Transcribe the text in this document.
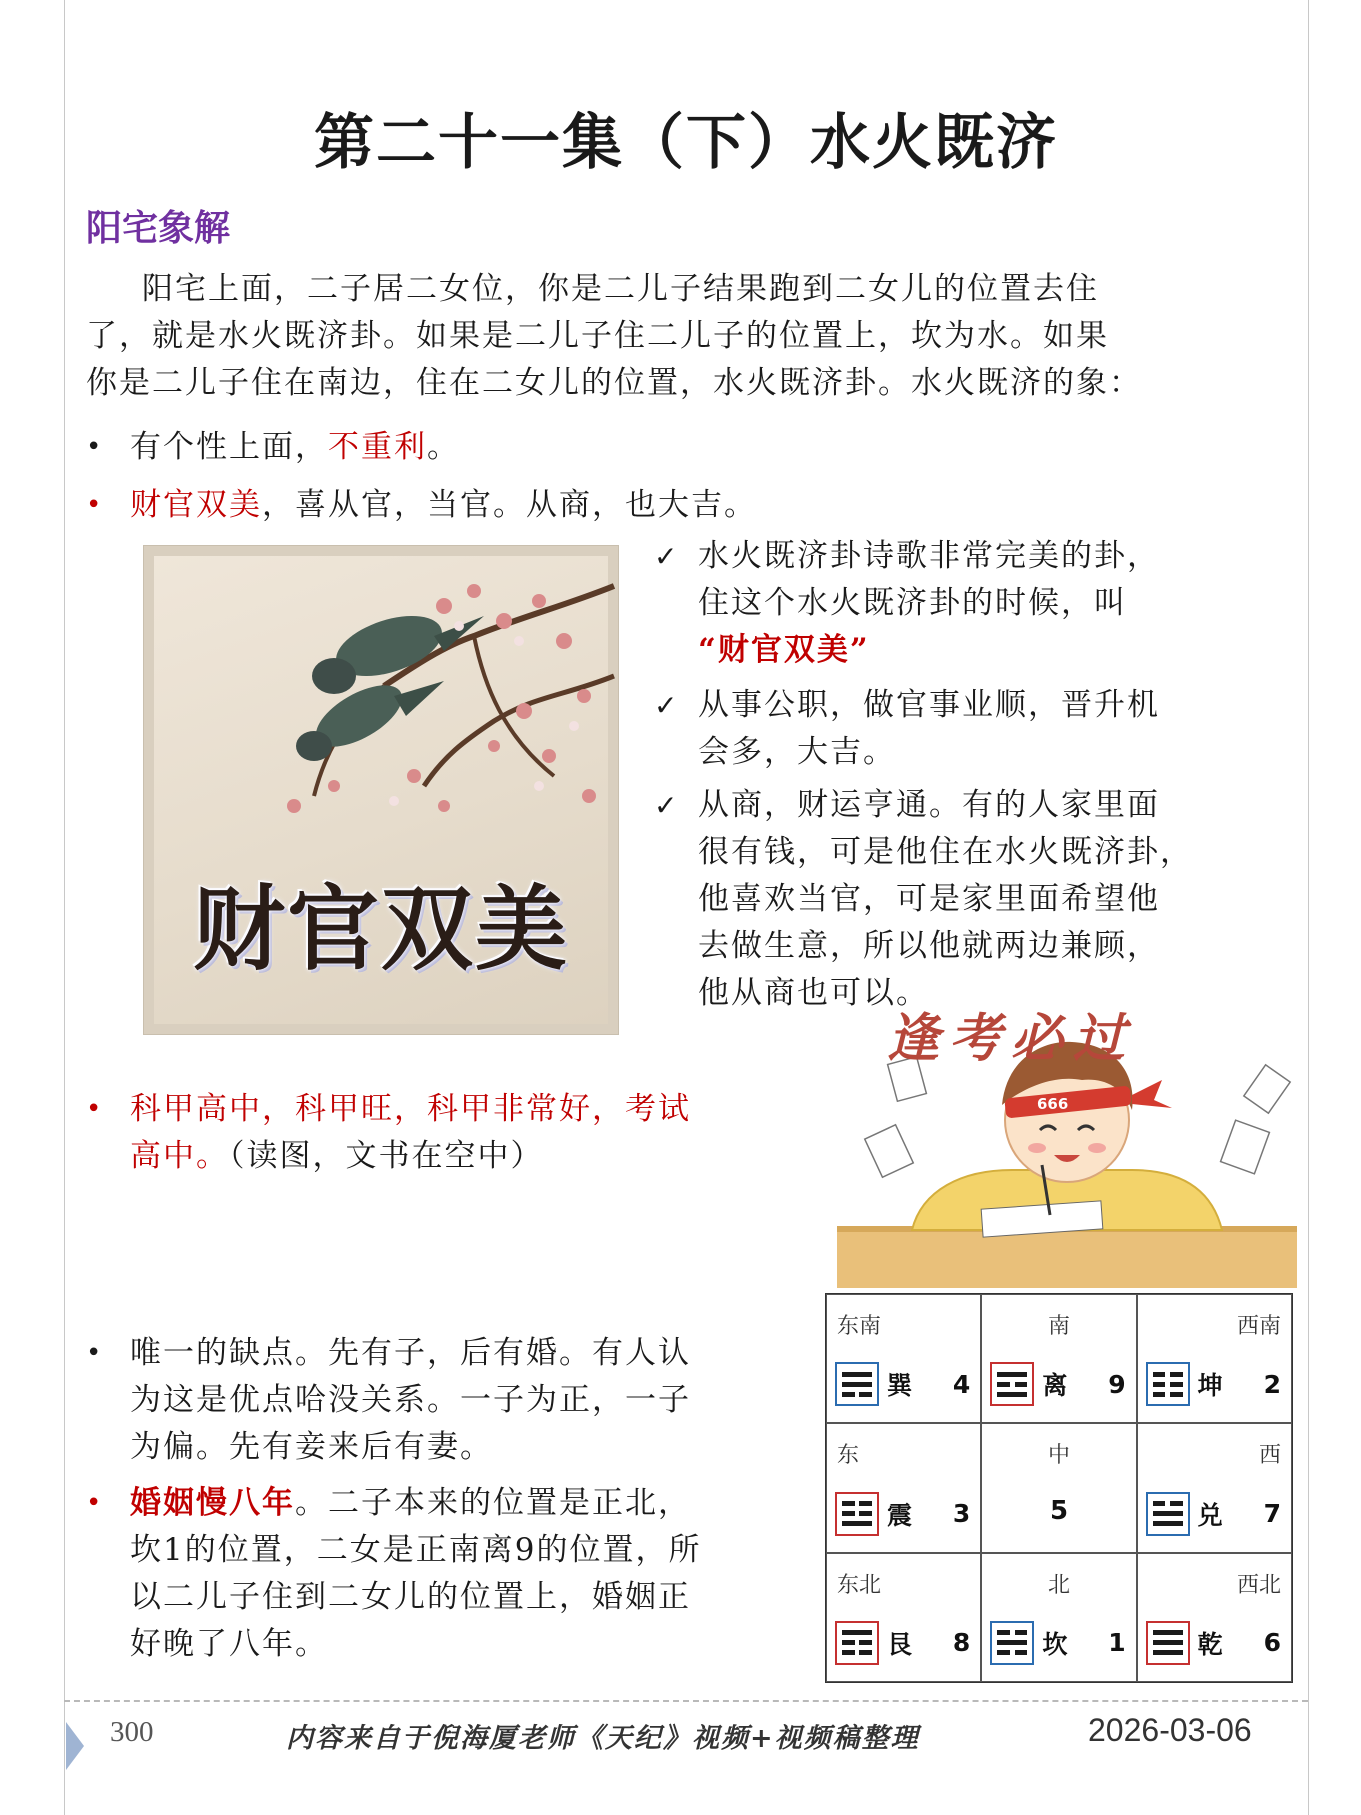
第二十一集（下）水火既济
阳宅象解
阳宅上面，二子居二女位，你是二儿子结果跑到二女儿的位置去住
了，就是水火既济卦。如果是二儿子住二儿子的位置上，坎为水。如果
你是二儿子住在南边，住在二女儿的位置，水火既济卦。水火既济的象：
• 有个性上面，不重利。
• 财官双美，喜从官，当官。从商，也大吉。
财官双美
✓ 水火既济卦诗歌非常完美的卦，
住这个水火既济卦的时候，叫
“财官双美”
✓ 从事公职，做官事业顺，晋升机
会多，大吉。
✓ 从商，财运亨通。有的人家里面
很有钱，可是他住在水火既济卦，
他喜欢当官，可是家里面希望他
去做生意，所以他就两边兼顾，
他从商也可以。
666
逢考必过
• 科甲高中，科甲旺，科甲非常好，考试
高中。（读图，文书在空中）
• 唯一的缺点。先有子，后有婚。有人认
为这是优点哈没关系。一子为正，一子
为偏。先有妾来后有妻。
• 婚姻慢八年。二子本来的位置是正北，
坎1的位置，二女是正南离9的位置，所
以二儿子住到二女儿的位置上，婚姻正
好晚了八年。
东南
巽 4
南
离 9
西南
坤 2
东
震 3
中
5
西
兑 7
东北
艮 8
北
坎 1
西北
乾 6
300	内容来自于倪海厦老师《天纪》视频+视频稿整理	2026-03-06
